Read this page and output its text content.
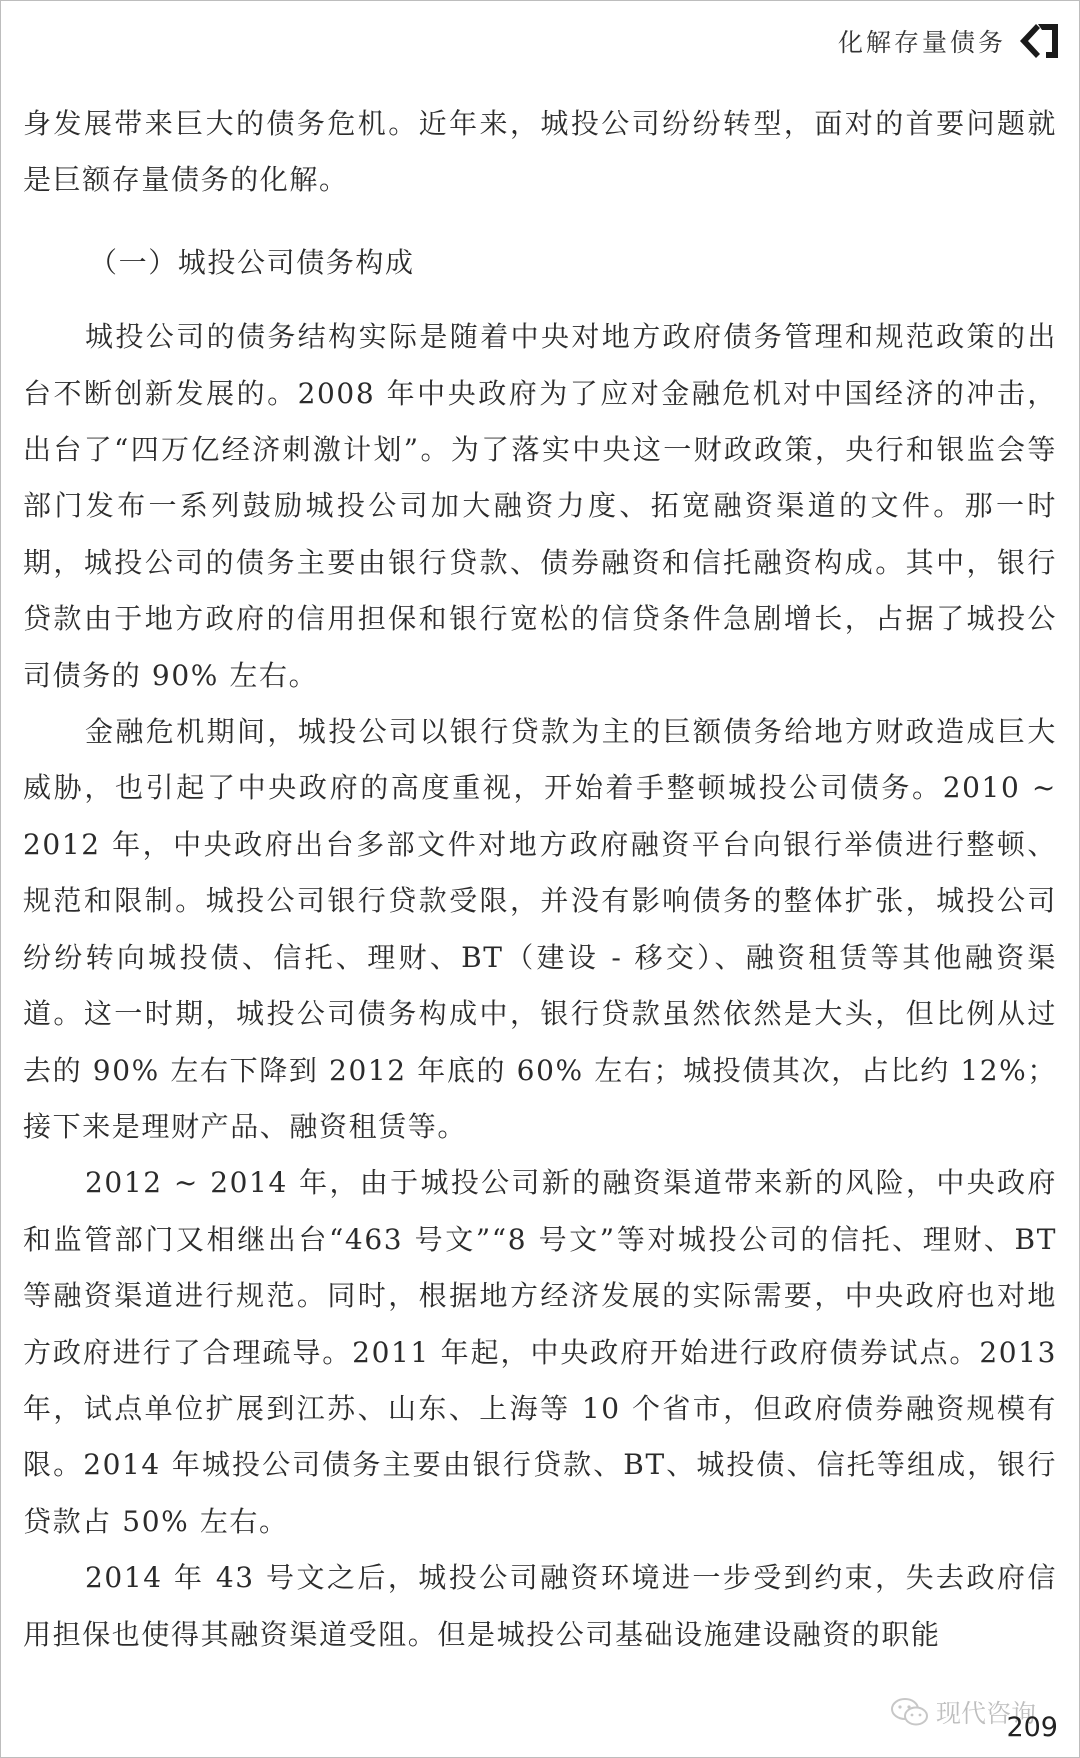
化解存量债务

身发展带来巨大的债务危机。近年来，城投公司纷纷转型，面对的首要问题就是巨额存量债务的化解。

（一）城投公司债务构成

城投公司的债务结构实际是随着中央对地方政府债务管理和规范政策的出台不断创新发展的。2008 年中央政府为了应对金融危机对中国经济的冲击，出台了“四万亿经济刺激计划”。为了落实中央这一财政政策，央行和银监会等部门发布一系列鼓励城投公司加大融资力度、拓宽融资渠道的文件。那一时期，城投公司的债务主要由银行贷款、债券融资和信托融资构成。其中，银行贷款由于地方政府的信用担保和银行宽松的信贷条件急剧增长，占据了城投公司债务的 90% 左右。

金融危机期间，城投公司以银行贷款为主的巨额债务给地方财政造成巨大威胁，也引起了中央政府的高度重视，开始着手整顿城投公司债务。2010 ~ 2012 年，中央政府出台多部文件对地方政府融资平台向银行举债进行整顿、规范和限制。城投公司银行贷款受限，并没有影响债务的整体扩张，城投公司纷纷转向城投债、信托、理财、BT（建设 - 移交）、融资租赁等其他融资渠道。这一时期，城投公司债务构成中，银行贷款虽然依然是大头，但比例从过去的 90% 左右下降到 2012 年底的 60% 左右；城投债其次，占比约 12%；接下来是理财产品、融资租赁等。

2012 ~ 2014 年，由于城投公司新的融资渠道带来新的风险，中央政府和监管部门又相继出台“463 号文”“8 号文”等对城投公司的信托、理财、BT 等融资渠道进行规范。同时，根据地方经济发展的实际需要，中央政府也对地方政府进行了合理疏导。2011 年起，中央政府开始进行政府债券试点。2013 年，试点单位扩展到江苏、山东、上海等 10 个省市，但政府债券融资规模有限。2014 年城投公司债务主要由银行贷款、BT、城投债、信托等组成，银行贷款占 50% 左右。

2014 年 43 号文之后，城投公司融资环境进一步受到约束，失去政府信用担保也使得其融资渠道受阻。但是城投公司基础设施建设融资的职能

现代咨询
209
